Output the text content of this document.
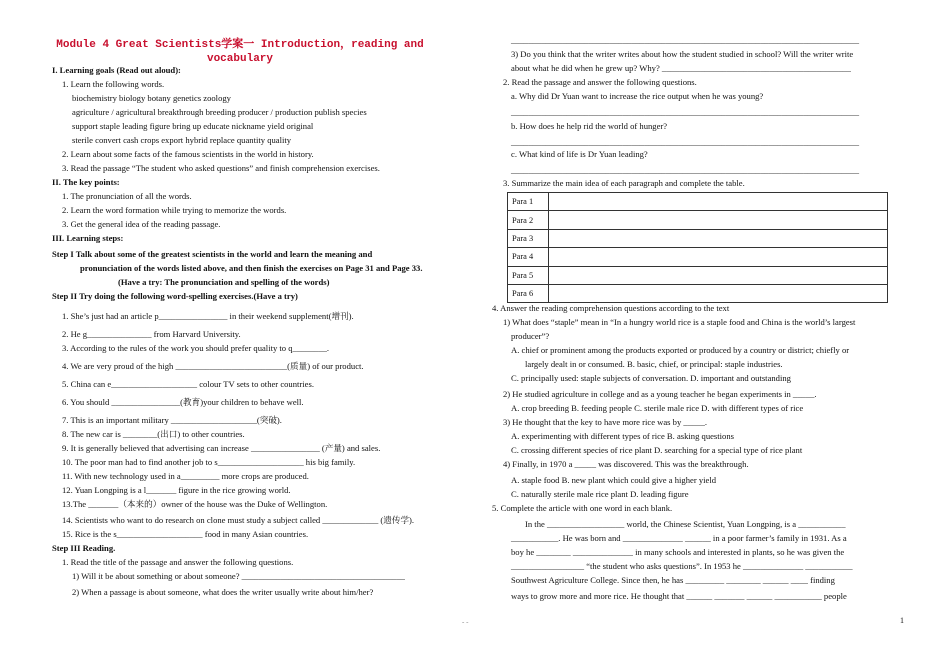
Module 4 Great Scientists学案一 Introduction，reading and
vocabulary
I. Learning goals (Read out aloud):
1. Learn the following words.
biochemistry biology botany genetics zoology
agriculture / agricultural breakthrough breeding producer / production publish species
support staple leading figure bring up educate nickname yield original
sterile convert cash crops export hybrid replace quantity quality
2. Learn about some facts of the famous scientists in the world in history.
3. Read the passage “The student who asked questions” and finish comprehension exercises.
II. The key points:
1. The pronunciation of all the words.
2. Learn the word formation while trying to memorize the words.
3. Get the general idea of the reading passage.
III. Learning steps:
Step I Talk about some of the greatest scientists in the world and learn the meaning and
pronunciation of the words listed above, and then finish the exercises on Page 31 and Page 33.
(Have a try: The pronunciation and spelling of the words)
Step II Try doing the following word-spelling exercises.(Have a try)
1. She’s just had an article p________________ in their weekend supplement(增刊).
2. He g_______________ from Harvard University.
3. According to the rules of the work you should prefer quality to q________.
4. We are very proud of the high __________________________(质量) of our product.
5. China can e____________________ colour TV sets to other countries.
6. You should ________________(教育)your children to behave well.
7. This is an important military ____________________(突破).
8. The new car is ________(出口) to other countries.
9. It is generally believed that advertising can increase ________________ (产量) and sales.
10. The poor man had to find another job to s____________________ his big family.
11. With new technology used in a_________ more crops are produced.
12. Yuan Longping is a l_______ figure in the rice growing world.
13.The _______（本来的）owner of the house was the Duke of Wellington.
14. Scientists who want to do research on clone must study a subject called _____________ (遗传学).
15. Rice is the s____________________ food in many Asian countries.
Step III Reading.
1. Read the title of the passage and answer the following questions.
1) Will it be about something or about someone? ______________________________________
2) When a passage is about someone, what does the writer usually write about him/her?
_________________________________________________________________________________
3) Do you think that the writer writes about how the student studied in school? Will the writer write
about what he did when he grew up? Why? ____________________________________________
2. Read the passage and answer the following questions.
a. Why did Dr Yuan want to increase the rice output when he was young?
_________________________________________________________________________________
b. How does he help rid the world of hunger?
_________________________________________________________________________________
c. What kind of life is Dr Yuan leading?
_________________________________________________________________________________
3. Summarize the main idea of each paragraph and complete the table.
4. Answer the reading comprehension questions according to the text
1) What does “staple” mean in “In a hungry world rice is a staple food and China is the world’s largest
producer”?
A. chief or prominent among the products exported or produced by a country or district; chiefly or
largely dealt in or consumed. B. basic, chief, or principal: staple industries.
C. principally used: staple subjects of conversation. D. important and outstanding
2) He studied agriculture in college and as a young teacher he began experiments in _____.
A. crop breeding B. feeding people C. sterile male rice D. with different types of rice
3) He thought that the key to have more rice was by _____.
A. experimenting with different types of rice B. asking questions
C. crossing different species of rice plant D. searching for a special type of rice plant
4) Finally, in 1970 a _____ was discovered. This was the breakthrough.
A. staple food B. new plant which could give a higher yield
C. naturally sterile male rice plant D. leading figure
5. Complete the article with one word in each blank.
In the __________________ world, the Chinese Scientist, Yuan Longping, is a ___________
___________. He was born and ______________ ______ in a poor farmer’s family in 1931. As a
boy he ________ ______________ in many schools and interested in plants, so he was given the
_________________ “the student who asks questions”. In 1953 he ______________ ___________
Southwest Agriculture College. Since then, he has _________ ________ ______ ____ finding
ways to grow more and more rice. He thought that ______ _______ ______ ___________ people
Para 1	
Para 2	
Para 3	
Para 4	
Para 5	
Para 6	
- -	1
